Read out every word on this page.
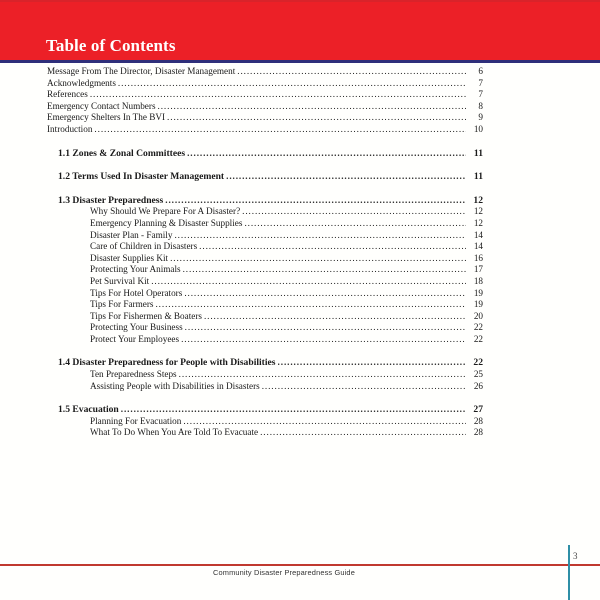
Table of Contents
Message From The Director, Disaster Management .....	6
Acknowledgments .....	7
References .....	7
Emergency Contact Numbers .....	8
Emergency Shelters In The BVI .....	9
Introduction .....	10
1.1 Zones & Zonal Committees .....	11
1.2 Terms Used In Disaster Management .....	11
1.3 Disaster Preparedness .....	12
Why Should We Prepare For A Disaster? .....	12
Emergency Planning & Disaster Supplies .....	12
Disaster Plan - Family .....	14
Care of Children in Disasters .....	14
Disaster Supplies Kit .....	16
Protecting Your Animals .....	17
Pet Survival Kit .....	18
Tips For Hotel Operators .....	19
Tips For Farmers .....	19
Tips For Fishermen & Boaters .....	20
Protecting Your Business .....	22
Protect Your Employees .....	22
1.4 Disaster Preparedness for People with Disabilities .....	22
Ten Preparedness Steps .....	25
Assisting People with Disabilities in Disasters .....	26
1.5 Evacuation .....	27
Planning For Evacuation .....	28
What To Do When You Are Told To Evacuate .....	28
Community Disaster Preparedness Guide
3
